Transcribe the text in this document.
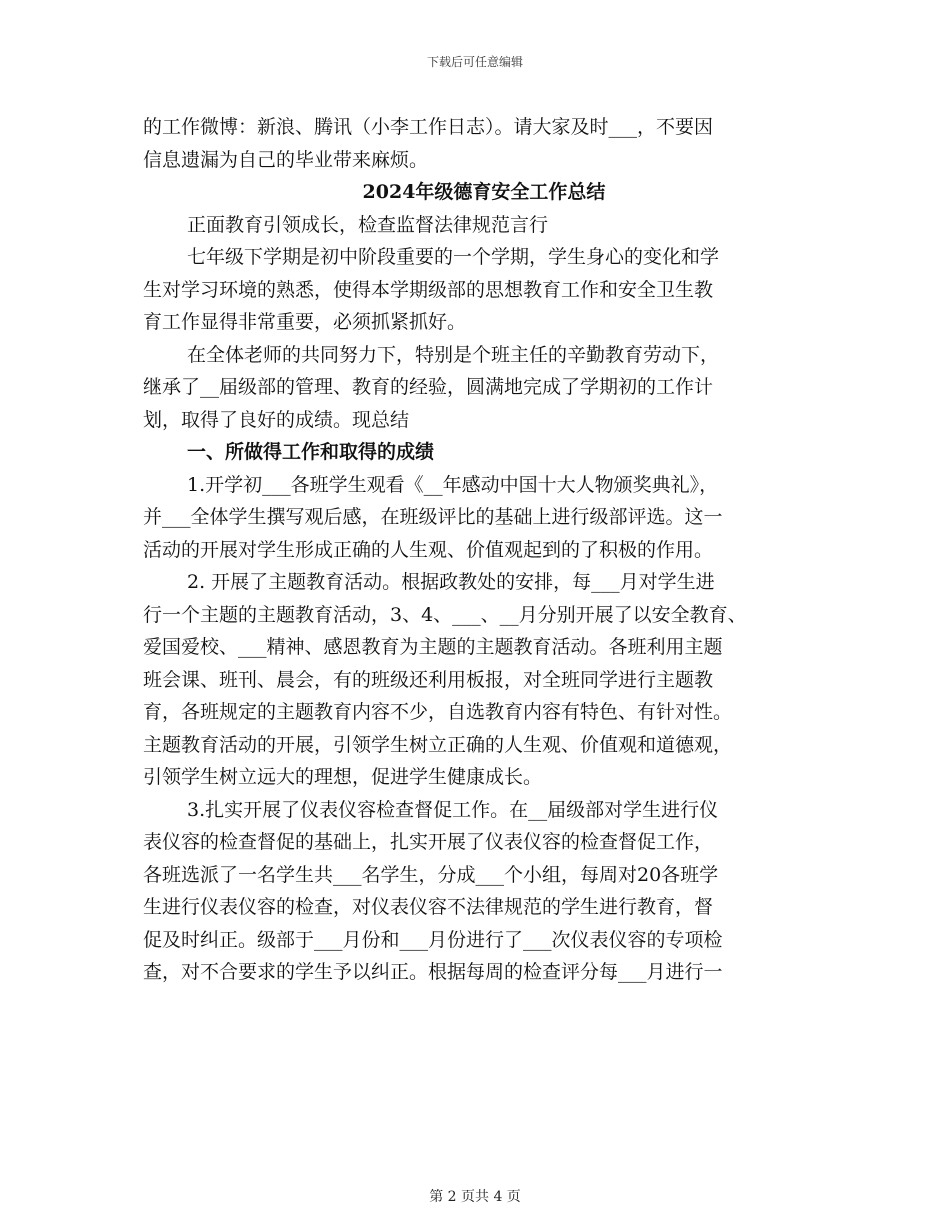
下载后可任意编辑
的工作微博：新浪、腾讯（小李工作日志）。请大家及时___，不要因
信息遗漏为自己的毕业带来麻烦。
2024年级德育安全工作总结
正面教育引领成长，检查监督法律规范言行
七年级下学期是初中阶段重要的一个学期，学生身心的变化和学
生对学习环境的熟悉，使得本学期级部的思想教育工作和安全卫生教
育工作显得非常重要，必须抓紧抓好。
在全体老师的共同努力下，特别是个班主任的辛勤教育劳动下，
继承了__届级部的管理、教育的经验，圆满地完成了学期初的工作计
划，取得了良好的成绩。现总结
一、所做得工作和取得的成绩
1.开学初___各班学生观看《__年感动中国十大人物颁奖典礼》，
并___全体学生撰写观后感，在班级评比的基础上进行级部评选。这一
活动的开展对学生形成正确的人生观、价值观起到的了积极的作用。
2. 开展了主题教育活动。根据政教处的安排，每___月对学生进
行一个主题的主题教育活动，3、4、___、__月分别开展了以安全教育、
爱国爱校、___精神、感恩教育为主题的主题教育活动。各班利用主题
班会课、班刊、晨会，有的班级还利用板报，对全班同学进行主题教
育，各班规定的主题教育内容不少，自选教育内容有特色、有针对性。
主题教育活动的开展，引领学生树立正确的人生观、价值观和道德观，
引领学生树立远大的理想，促进学生健康成长。
3.扎实开展了仪表仪容检查督促工作。在__届级部对学生进行仪
表仪容的检查督促的基础上，扎实开展了仪表仪容的检查督促工作，
各班选派了一名学生共___名学生，分成___个小组，每周对20各班学
生进行仪表仪容的检查，对仪表仪容不法律规范的学生进行教育，督
促及时纠正。级部于___月份和___月份进行了___次仪表仪容的专项检
查，对不合要求的学生予以纠正。根据每周的检查评分每___月进行一
第 2 页共 4 页
